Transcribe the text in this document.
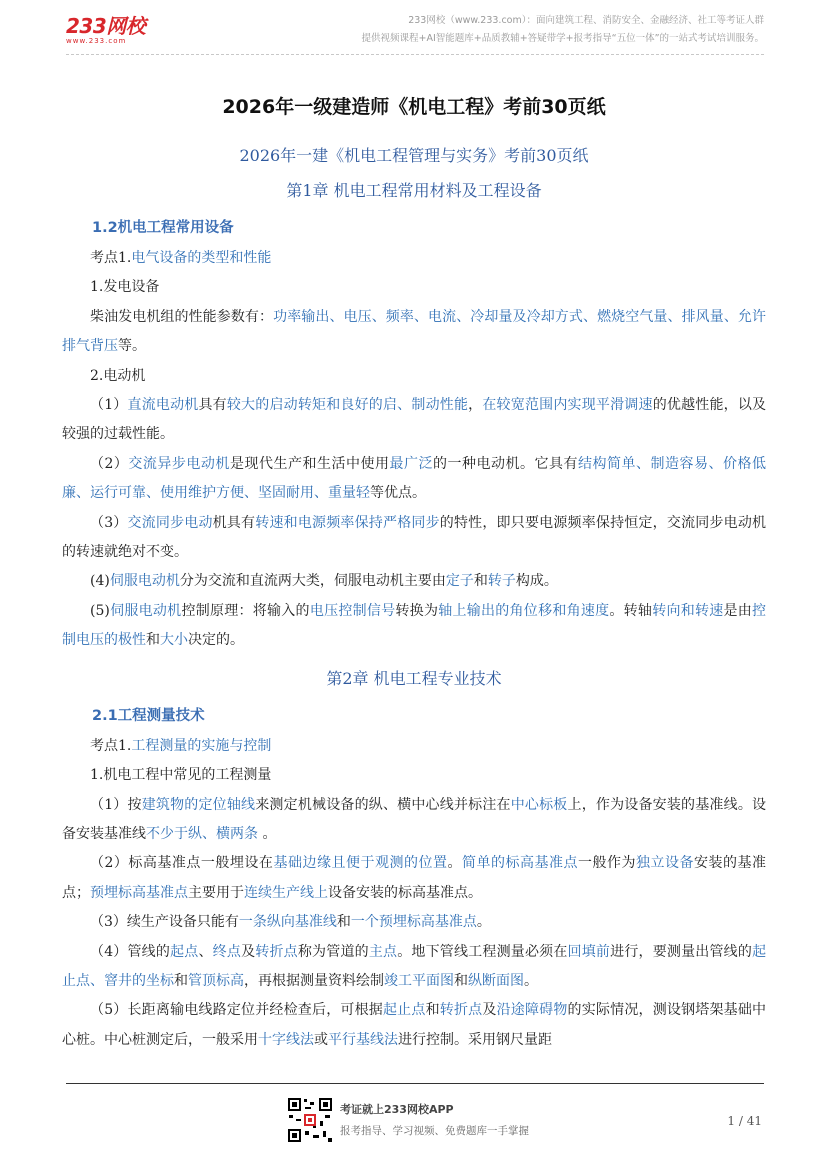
233网校
www.233.com
233网校（www.233.com）：面向建筑工程、消防安全、金融经济、社工等考证人群
提供视频课程+AI智能题库+品质教辅+答疑带学+报考指导“五位一体”的一站式考试培训服务。
2026年一级建造师《机电工程》考前30页纸
2026年一建《机电工程管理与实务》考前30页纸
第1章 机电工程常用材料及工程设备
1.2机电工程常用设备

考点1.电气设备的类型和性能

1.发电设备

柴油发电机组的性能参数有：功率输出、电压、频率、电流、冷却量及冷却方式、燃烧空气量、排风量、允许排气背压等。

2.电动机

（1）直流电动机具有较大的启动转矩和良好的启、制动性能，在较宽范围内实现平滑调速的优越性能，以及较强的过载性能。

（2）交流异步电动机是现代生产和生活中使用最广泛的一种电动机。它具有结构简单、制造容易、价格低廉、运行可靠、使用维护方便、坚固耐用、重量轻等优点。

（3）交流同步电动机具有转速和电源频率保持严格同步的特性，即只要电源频率保持恒定，交流同步电动机的转速就绝对不变。

(4)伺服电动机分为交流和直流两大类，伺服电动机主要由定子和转子构成。

(5)伺服电动机控制原理：将输入的电压控制信号转换为轴上输出的角位移和角速度。转轴转向和转速是由控制电压的极性和大小决定的。

第2章 机电工程专业技术
2.1工程测量技术

考点1.工程测量的实施与控制

1.机电工程中常见的工程测量

（1）按建筑物的定位轴线来测定机械设备的纵、横中心线并标注在中心标板上，作为设备安装的基准线。设备安装基准线不少于纵、横两条 。

（2）标高基准点一般埋设在基础边缘且便于观测的位置。简单的标高基准点一般作为独立设备安装的基准点；预埋标高基准点主要用于连续生产线上设备安装的标高基准点。

（3）续生产设备只能有一条纵向基准线和一个预埋标高基准点。

（4）管线的起点、终点及转折点称为管道的主点。地下管线工程测量必须在回填前进行，要测量出管线的起止点、窨井的坐标和管顶标高，再根据测量资料绘制竣工平面图和纵断面图。

（5）长距离输电线路定位并经检查后，可根据起止点和转折点及沿途障碍物的实际情况，测设钢塔架基础中心桩。中心桩测定后，一般采用十字线法或平行基线法进行控制。采用钢尺量距

考证就上233网校APP
报考指导、学习视频、免费题库一手掌握
1 / 41
